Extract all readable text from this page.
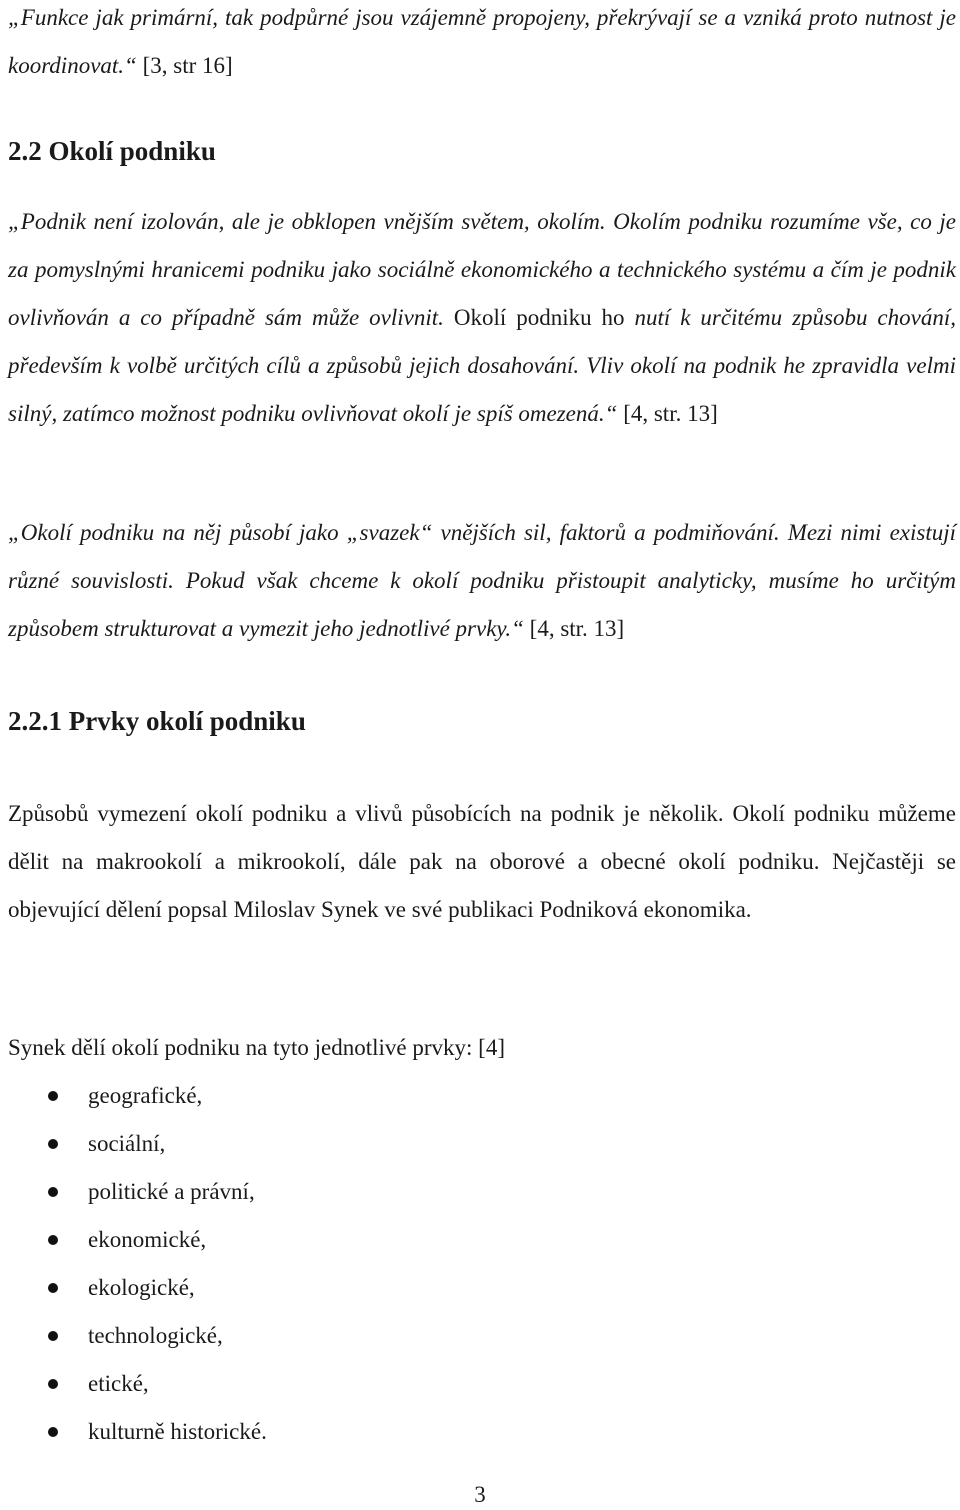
„Funkce jak primární, tak podpůrné jsou vzájemně propojeny, překrývají se a vzniká proto nutnost je koordinovat.“ [3, str 16]

2.2 Okolí podniku

„Podnik není izolován, ale je obklopen vnějším světem, okolím. Okolím podniku rozumíme vše, co je za pomyslnými hranicemi podniku jako sociálně ekonomického a technického systému a čím je podnik ovlivňován a co případně sám může ovlivnit. Okolí podniku ho nutí k určitému způsobu chování, především k volbě určitých cílů a způsobů jejich dosahování. Vliv okolí na podnik he zpravidla velmi silný, zatímco možnost podniku ovlivňovat okolí je spíš omezená.“ [4, str. 13]

„Okolí podniku na něj působí jako „svazek“ vnějších sil, faktorů a podmiňování. Mezi nimi existují různé souvislosti. Pokud však chceme k okolí podniku přistoupit analyticky, musíme ho určitým způsobem strukturovat a vymezit jeho jednotlivé prvky.“ [4, str. 13]

2.2.1 Prvky okolí podniku

Způsobů vymezení okolí podniku a vlivů působících na podnik je několik. Okolí podniku můžeme dělit na makrookolí a mikrookolí, dále pak na oborové a obecné okolí podniku. Nejčastěji se objevující dělení popsal Miloslav Synek ve své publikaci Podniková ekonomika.

Synek dělí okolí podniku na tyto jednotlivé prvky: [4]

geografické,
sociální,
politické a právní,
ekonomické,
ekologické,
technologické,
etické,
kulturně historické.
3
